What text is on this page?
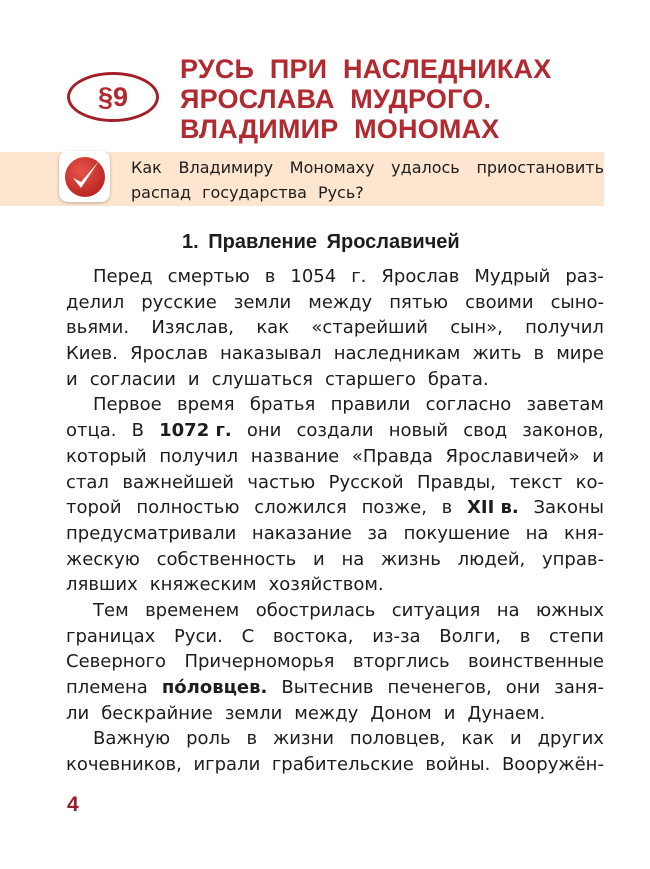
§9
РУСЬ ПРИ НАСЛЕДНИКАХ
ЯРОСЛАВА МУДРОГО.
ВЛАДИМИР МОНОМАХ
Как Владимиру Мономаху удалось приостановить
распад государства Русь?
1. Правление Ярославичей
Перед смертью в 1054 г. Ярослав Мудрый раз-
делил русские земли между пятью своими сыно-
вьями. Изяслав, как «старейший сын», получил
Киев. Ярослав наказывал наследникам жить в мире
и согласии и слушаться старшего брата.
Первое время братья правили согласно заветам
отца. В 1072 г. они создали новый свод законов,
который получил название «Правда Ярославичей» и
стал важнейшей частью Русской Правды, текст ко-
торой полностью сложился позже, в XII в. Законы
предусматривали наказание за покушение на кня-
жескую собственность и на жизнь людей, управ-
лявших княжеским хозяйством.
Тем временем обострилась ситуация на южных
границах Руси. С востока, из-за Волги, в степи
Северного Причерноморья вторглись воинственные
племена по́ловцев. Вытеснив печенегов, они заня-
ли бескрайние земли между Доном и Дунаем.
Важную роль в жизни половцев, как и других
кочевников, играли грабительские войны. Вооружён-
4
